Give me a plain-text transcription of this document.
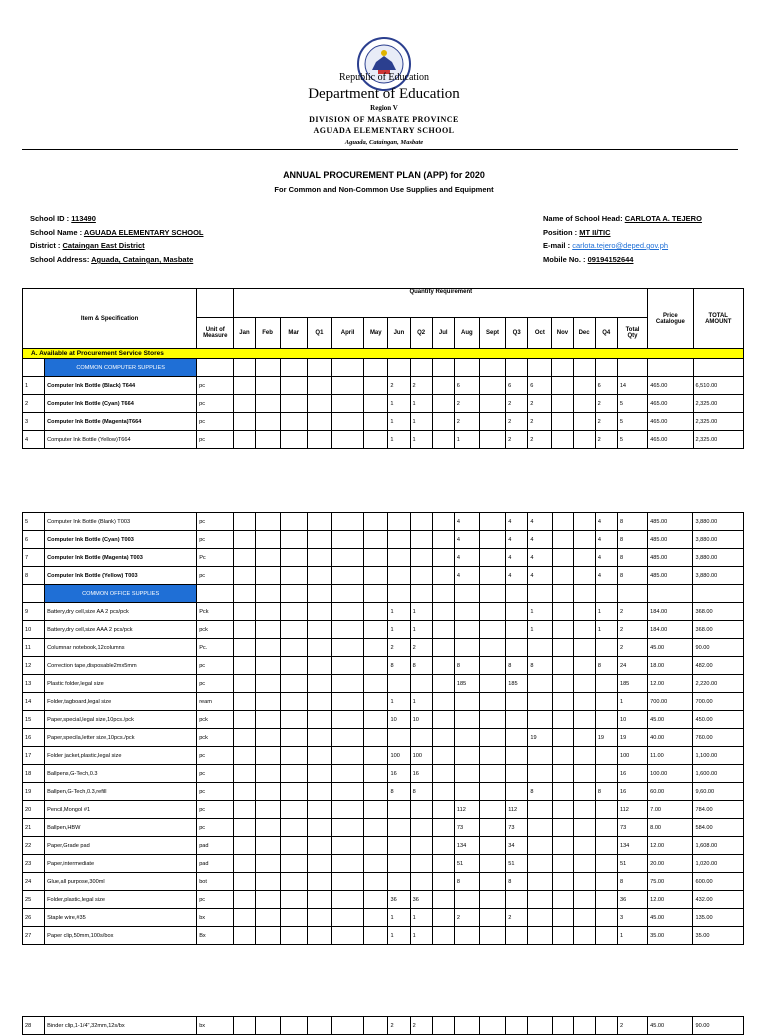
Republic of Education
Department of Education
Region V
DIVISION OF MASBATE PROVINCE
AGUADA ELEMENTARY SCHOOL
Aguada, Cataingan, Masbate
ANNUAL PROCUREMENT PLAN (APP) for 2020
For Common and Non-Common Use Supplies and Equipment
School ID : 113490
School Name : AGUADA ELEMENTARY SCHOOL
District : Cataingan East District
School Address: Aguada, Cataingan, Masbate
Name of School Head: CARLOTA A. TEJERO
Position : MT II/TIC
E-mail : carlota.tejero@deped.gov.ph
Mobile No. : 09194152644
Item & Specification			Quantity Requirement																	Price Catalogue	TOTAL AMOUNT
		Unit of Measure	Jan	Feb	Mar	Q1	April	May	Jun	Q2	Jul	Aug	Sept	Q3	Oct	Nov	Dec	Q4	Total Qty		
A. Available at Procurement Service Stores																					
	COMMON COMPUTER SUPPLIES																				
1	Computer Ink Bottle (Black) T644	pc							2	2		6		6	6			6	14	465.00	6,510.00
2	Computer Ink Bottle (Cyan) T664	pc							1	1		2		2	2			2	5	465.00	2,325.00
3	Computer Ink Bottle (Magenta)T664	pc							1	1		2		2	2			2	5	465.00	2,325.00
4	Computer Ink Bottle (Yellow)T664	pc							1	1		1		2	2			2	5	465.00	2,325.00
5	Computer Ink Bottle (Blank) T003	pc										4		4	4			4	8	485.00	3,880.00
6	Computer Ink Bottle (Cyan) T003	pc										4		4	4			4	8	485.00	3,880.00
7	Computer Ink Bottle (Magenta) T003	Pc										4		4	4			4	8	485.00	3,880.00
8	Computer Ink Bottle (Yellow) T003	pc										4		4	4			4	8	485.00	3,880.00
	COMMON OFFICE SUPPLIES																				
9	Battery,dry cell,size AA 2 pcs/pck	Pck							1	1					1			1	2	184.00	368.00
10	Battery,dry cell,size AAA 2 pcs/pck	pck							1	1					1			1	2	184.00	368.00
11	Columnar notebook,12columns	Pc.							2	2									2	45.00	90.00
12	Correction tape,disposable2mx5mm	pc							8	8		8		8	8			8	24	18.00	482.00
13	Plastic folder,legal size	pc										185		185					185	12.00	2,220.00
14	Folder,tagboard,legal size	ream							1	1									1	700.00	700.00
15	Paper,special,legal size,10pcs./pck	pck							10	10									10	45.00	450.00
16	Paper,specila,letter size,10pcs./pck	pck													19			19	19	40.00	760.00
17	Folder jacket,plastic,legal size	pc							100	100									100	11.00	1,100.00
18	Ballpens,G-Tech,0.3	pc							16	16									16	100.00	1,600.00
19	Ballpen,G-Tech,0.3,refill	pc							8	8					8			8	16	60.00	9,60.00
20	Pencil,Mongol #1	pc										112		112					112	7.00	784.00
21	Ballpen,HBW	pc										73		73					73	8.00	584.00
22	Paper,Grade pad	pad										134		34					134	12.00	1,608.00
23	Paper,intermediate	pad										51		51					51	20.00	1,020.00
24	Glue,all purpose,300ml	bot										8		8					8	75.00	600.00
25	Folder,plastic,legal size	pc							36	36									36	12.00	432.00
26	Staple wire,#35	bx							1	1		2		2					3	45.00	135.00
27	Paper clip,50mm,100s/box	Bx							1	1									1	35.00	35.00
28	Binder clip,1-1/4",32mm,12s/bx	bx							2	2									2	45.00	90.00
